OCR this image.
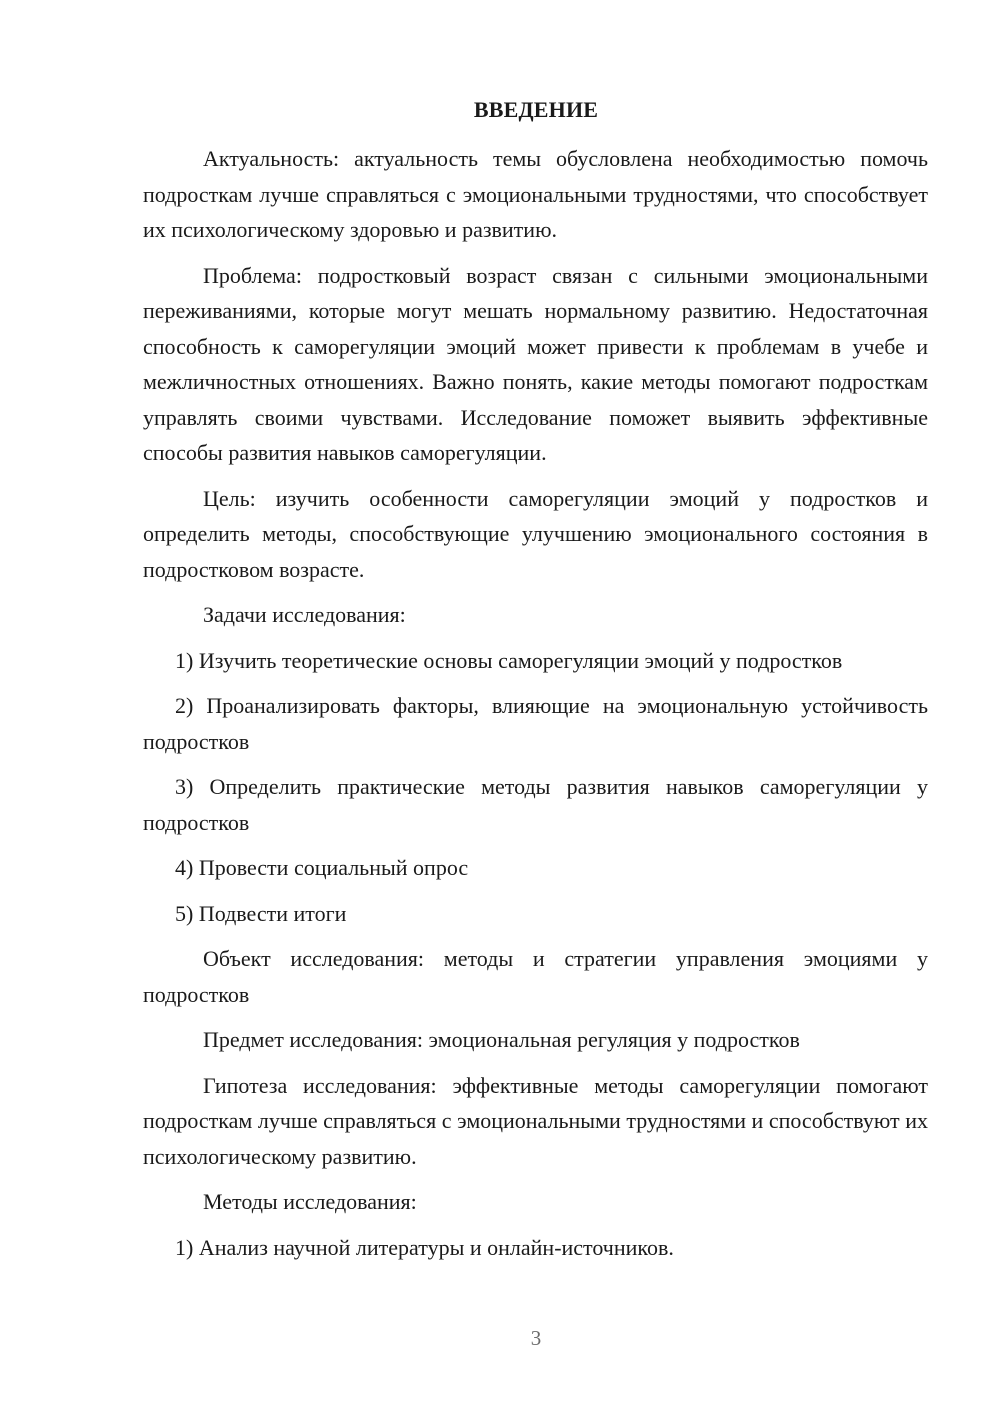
ВВЕДЕНИЕ

Актуальность: актуальность темы обусловлена необходимостью помочь подросткам лучше справляться с эмоциональными трудностями, что способствует их психологическому здоровью и развитию.

Проблема: подростковый возраст связан с сильными эмоциональными переживаниями, которые могут мешать нормальному развитию. Недостаточная способность к саморегуляции эмоций может привести к проблемам в учебе и межличностных отношениях. Важно понять, какие методы помогают подросткам управлять своими чувствами. Исследование поможет выявить эффективные способы развития навыков саморегуляции.

Цель: изучить особенности саморегуляции эмоций у подростков и определить методы, способствующие улучшению эмоционального состояния в подростковом возрасте.

Задачи исследования:

1) Изучить теоретические основы саморегуляции эмоций у подростков

2) Проанализировать факторы, влияющие на эмоциональную устойчивость подростков

3) Определить практические методы развития навыков саморегуляции у подростков

4) Провести социальный опрос

5) Подвести итоги

Объект исследования: методы и стратегии управления эмоциями у подростков

Предмет исследования: эмоциональная регуляция у подростков

Гипотеза исследования: эффективные методы саморегуляции помогают подросткам лучше справляться с эмоциональными трудностями и способствуют их психологическому развитию.

Методы исследования:

1) Анализ научной литературы и онлайн-источников.

3
